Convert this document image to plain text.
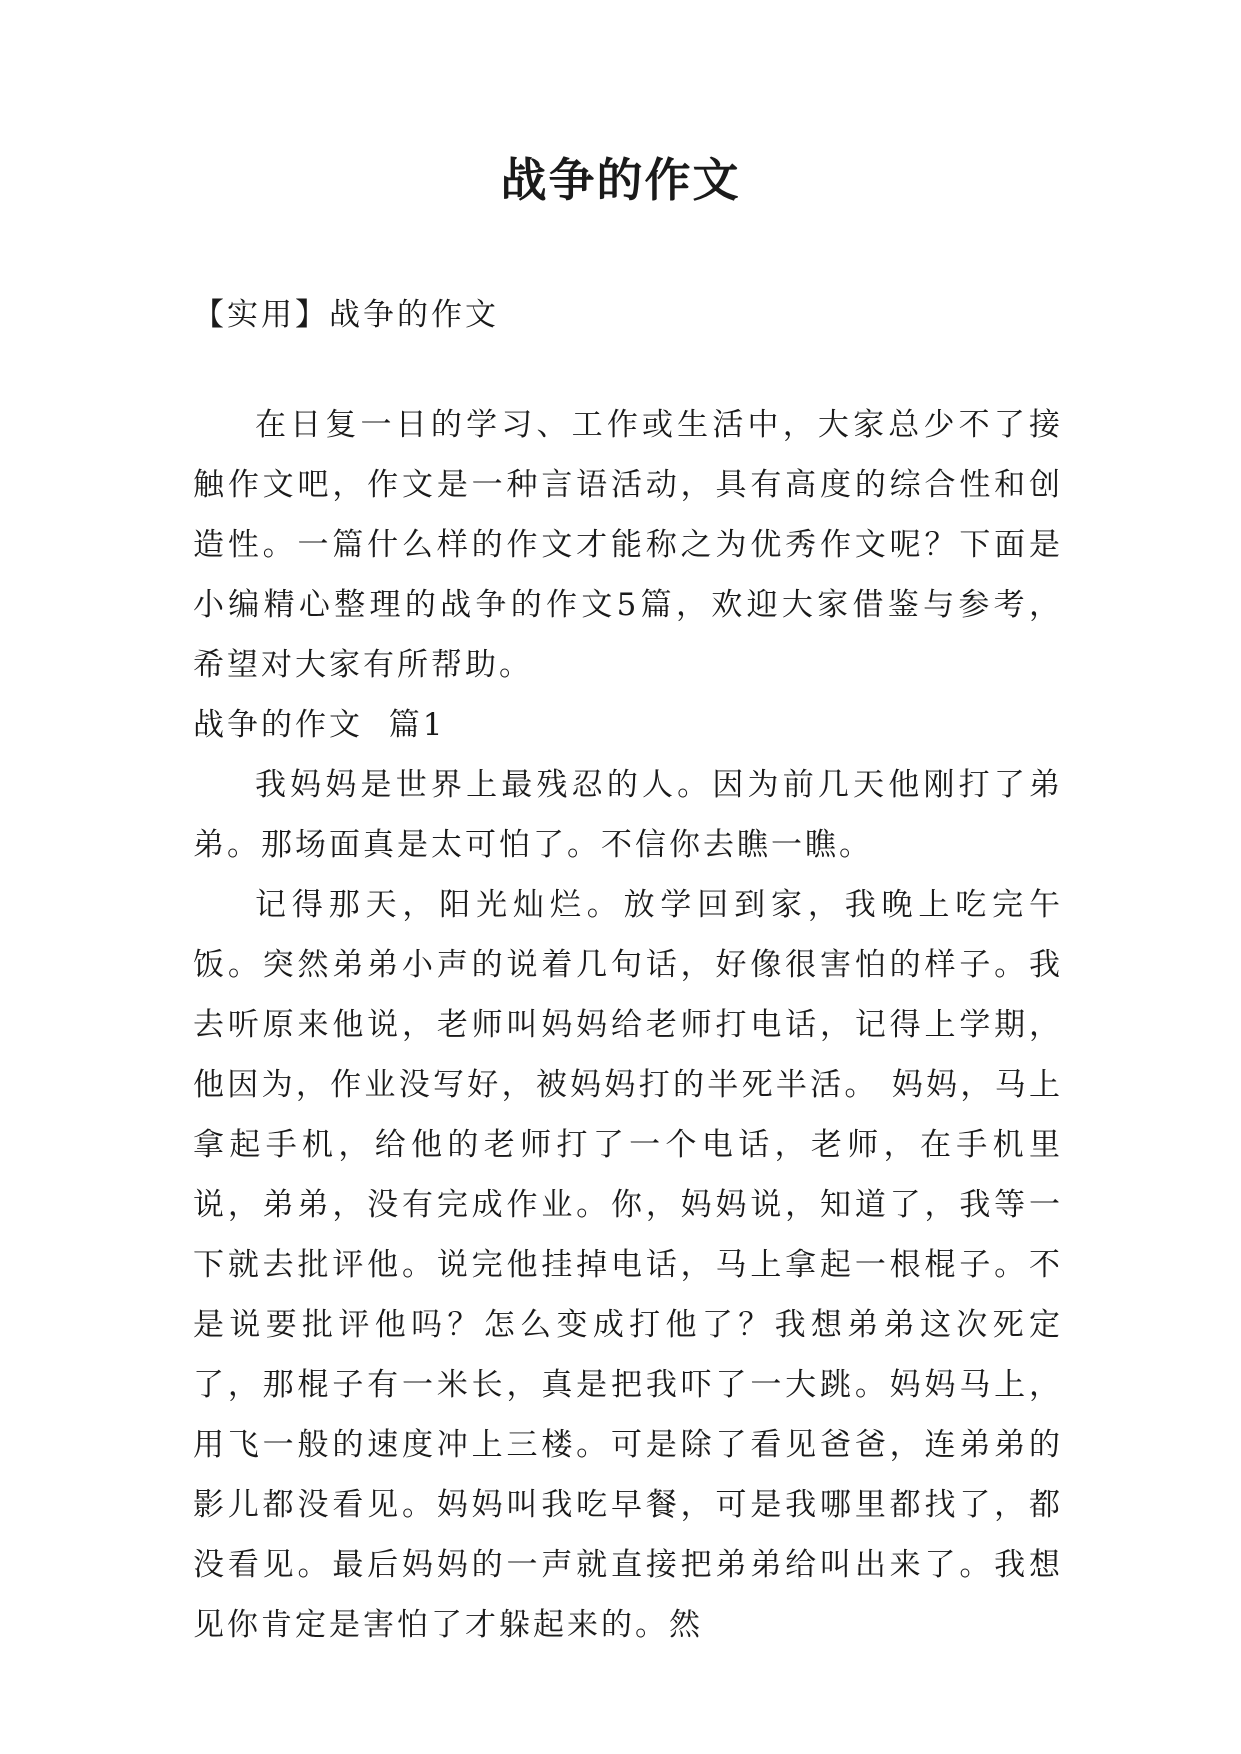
战争的作文

【实用】战争的作文

在日复一日的学习、工作或生活中，大家总少不了接触作文吧，作文是一种言语活动，具有高度的综合性和创造性。一篇什么样的作文才能称之为优秀作文呢？下面是小编精心整理的战争的作文5篇，欢迎大家借鉴与参考，希望对大家有所帮助。

战争的作文  篇1

我妈妈是世界上最残忍的人。因为前几天他刚打了弟弟。那场面真是太可怕了。不信你去瞧一瞧。

记得那天，阳光灿烂。放学回到家，我晚上吃完午饭。突然弟弟小声的说着几句话，好像很害怕的样子。我去听原来他说，老师叫妈妈给老师打电话，记得上学期，他因为，作业没写好，被妈妈打的半死半活。 妈妈，马上拿起手机，给他的老师打了一个电话，老师，在手机里说，弟弟，没有完成作业。你，妈妈说，知道了，我等一下就去批评他。说完他挂掉电话，马上拿起一根棍子。不是说要批评他吗？怎么变成打他了？我想弟弟这次死定了，那棍子有一米长，真是把我吓了一大跳。妈妈马上，用飞一般的速度冲上三楼。可是除了看见爸爸，连弟弟的影儿都没看见。妈妈叫我吃早餐，可是我哪里都找了，都没看见。最后妈妈的一声就直接把弟弟给叫出来了。我想见你肯定是害怕了才躲起来的。然
